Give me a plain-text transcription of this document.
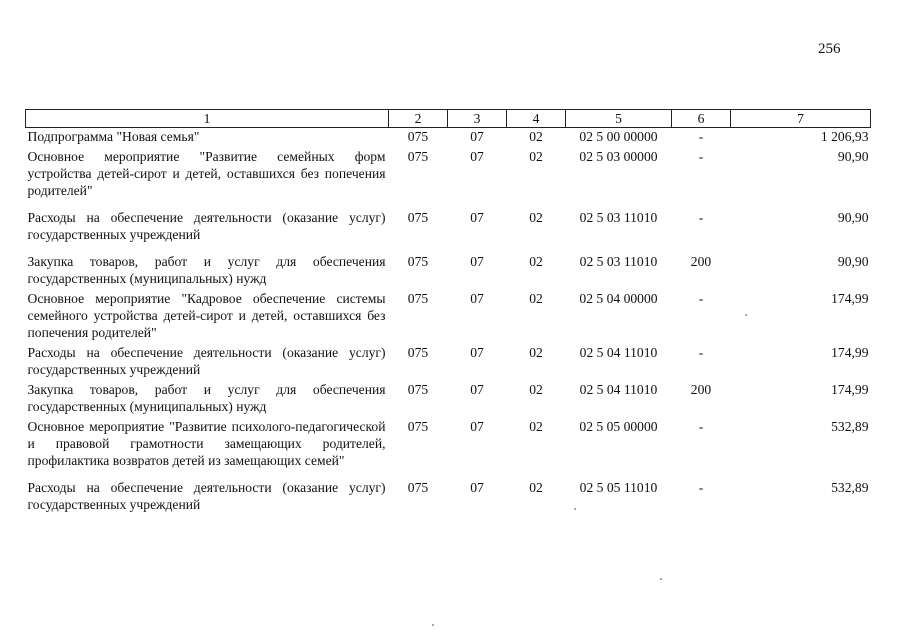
256
1	2	3	4	5	6	7
Подпрограмма "Новая семья"	075	07	02	02 5 00 00000	-	1 206,93
Основное мероприятие "Развитие семейных форм устройства детей-сирот и детей, оставшихся без попечения родителей"	075	07	02	02 5 03 00000	-	90,90
Расходы на обеспечение деятельности (оказание услуг) государственных учреждений	075	07	02	02 5 03 11010	-	90,90
Закупка товаров, работ и услуг для обеспечения государственных (муниципальных) нужд	075	07	02	02 5 03 11010	200	90,90
Основное мероприятие "Кадровое обеспечение системы семейного устройства детей-сирот и детей, оставшихся без попечения родителей"	075	07	02	02 5 04 00000	-	174,99
Расходы на обеспечение деятельности (оказание услуг) государственных учреждений	075	07	02	02 5 04 11010	-	174,99
Закупка товаров, работ и услуг для обеспечения государственных (муниципальных) нужд	075	07	02	02 5 04 11010	200	174,99
Основное мероприятие "Развитие психолого-педагогической и правовой грамотности замещающих родителей, профилактика возвратов детей из замещающих семей"	075	07	02	02 5 05 00000	-	532,89
Расходы на обеспечение деятельности (оказание услуг) государственных учреждений	075	07	02	02 5 05 11010	-	532,89
